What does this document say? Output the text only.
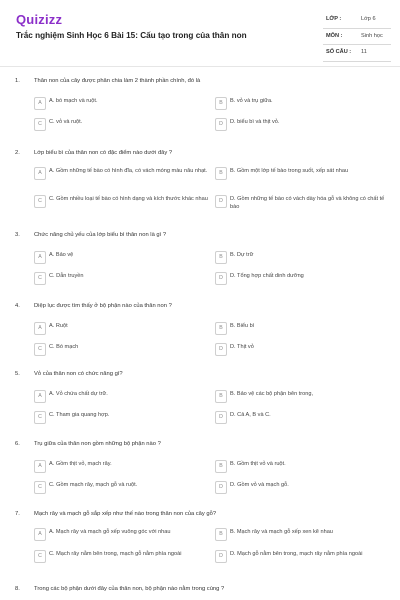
Quizizz
Trắc nghiệm Sinh Học 6 Bài 15: Cấu tạo trong của thân non
LỚP :	Lớp 6
MÔN :	Sinh học
SỐ CÂU : 11
1. Thân non của cây được phân chia làm 2 thành phần chính, đó là
A	A. bó mạch và ruột.	B	B. vỏ và trụ giữa.
C	C. vỏ và ruột.	D	D. biểu bì và thịt vỏ.
2. Lớp biểu bì của thân non có đặc điểm nào dưới đây ?
A	A. Gồm những tế bào có hình đĩa, có vách móng màu nâu nhạt.	B	B. Gồm một lớp tế bào trong suốt, xếp sát nhau
C	C. Gồm nhiều loại tế bào có hình dạng và kích thước khác nhau	D	D. Gồm những tế bào có vách dày hóa gỗ và không có chất tế bào
3. Chức năng chủ yếu của lớp biểu bì thân non là gì ?
A	A. Bảo vệ	B	B. Dự trữ
C	C. Dẫn truyền	D	D. Tổng hợp chất dinh dưỡng
4. Diệp lục được tìm thấy ở bộ phận nào của thân non ?
A	A. Ruột	B	B. Biểu bì
C	C. Bó mạch	D	D. Thịt vỏ
5. Vỏ của thân non có chức năng gì?
A	A. Vỏ chứa chất dự trữ.	B	B. Bảo vệ các bộ phận bên trong,
C	C. Tham gia quang hợp.	D	D. Cả A, B và C.
6. Trụ giữa của thân non gồm những bộ phận nào ?
A	A. Gồm thịt vỏ, mạch rây.	B	B. Gồm thịt vỏ và ruột.
C	C. Gồm mạch rây, mạch gỗ và ruột.	D	D. Gồm vỏ và mạch gỗ.
7. Mạch rây và mạch gỗ sắp xếp như thế nào trong thân non của cây gỗ?
A	A. Mạch rây và mạch gỗ xếp vuông góc với nhau	B	B. Mạch rây và mạch gỗ xếp xen kẽ nhau
C	C. Mạch rây nằm bên trong, mạch gỗ nằm phía ngoài	D	D. Mạch gỗ nằm bên trong, mạch rây nằm phía ngoài
8. Trong các bộ phận dưới đây của thân non, bộ phận nào nằm trong cùng ?
